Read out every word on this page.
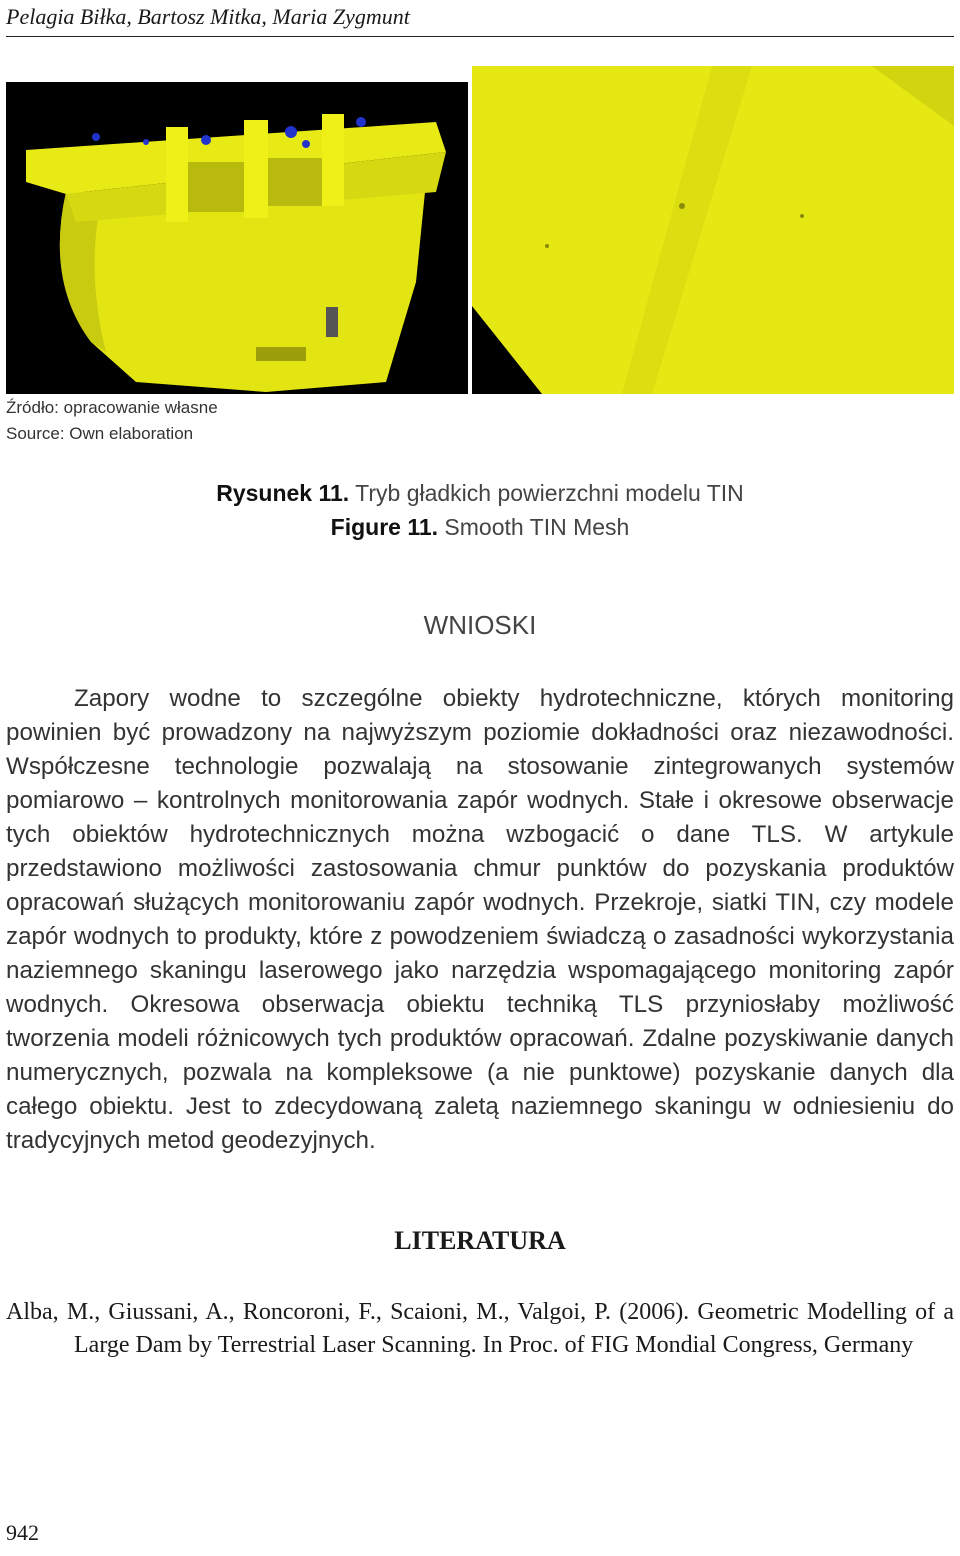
Pelagia Biłka, Bartosz Mitka, Maria Zygmunt
Źródło: opracowanie własne
Source: Own elaboration
Rysunek 11. Tryb gładkich powierzchni modelu TIN
Figure 11. Smooth TIN Mesh
WNIOSKI

Zapory wodne to szczególne obiekty hydrotechniczne, których monitoring powinien być prowadzony na najwyższym poziomie dokładności oraz niezawodności. Współczesne technologie pozwalają na stosowanie zintegrowanych systemów pomiarowo – kontrolnych monitorowania zapór wodnych. Stałe i okresowe obserwacje tych obiektów hydrotechnicznych można wzbogacić o dane TLS. W artykule przedstawiono możliwości zastosowania chmur punktów do pozyskania produktów opracowań służących monitorowaniu zapór wodnych. Przekroje, siatki TIN, czy modele zapór wodnych to produkty, które z powodzeniem świadczą o zasadności wykorzystania naziemnego skaningu laserowego jako narzędzia wspomagającego monitoring zapór wodnych. Okresowa obserwacja obiektu techniką TLS przyniosłaby możliwość tworzenia modeli różnicowych tych produktów opracowań. Zdalne pozyskiwanie danych numerycznych, pozwala na kompleksowe (a nie punktowe) pozyskanie danych dla całego obiektu. Jest to zdecydowaną zaletą naziemnego skaningu w odniesieniu do tradycyjnych metod geodezyjnych.

LITERATURA
Alba, M., Giussani, A., Roncoroni, F., Scaioni, M., Valgoi, P. (2006). Geometric Modelling of a Large Dam by Terrestrial Laser Scanning. In Proc. of FIG Mondial Congress, Germany
942
